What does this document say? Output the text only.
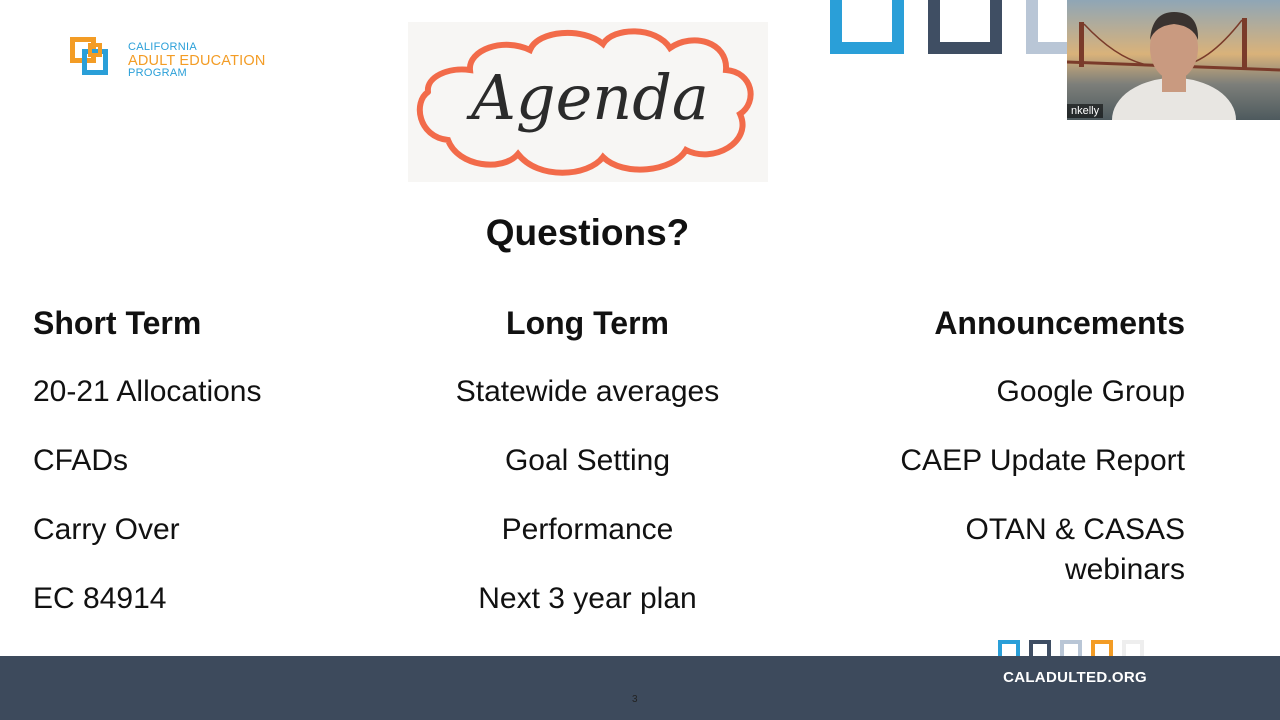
CALIFORNIA
ADULT EDUCATION
PROGRAM	Agenda	nkelly
Questions?
Short Term
20-21 Allocations
CFADs
Carry Over
EC 84914
Long Term
Statewide averages
Goal Setting
Performance
Next 3 year plan
Announcements
Google Group
CAEP Update Report
OTAN & CASAS webinars
CALADULTED.ORG
3
